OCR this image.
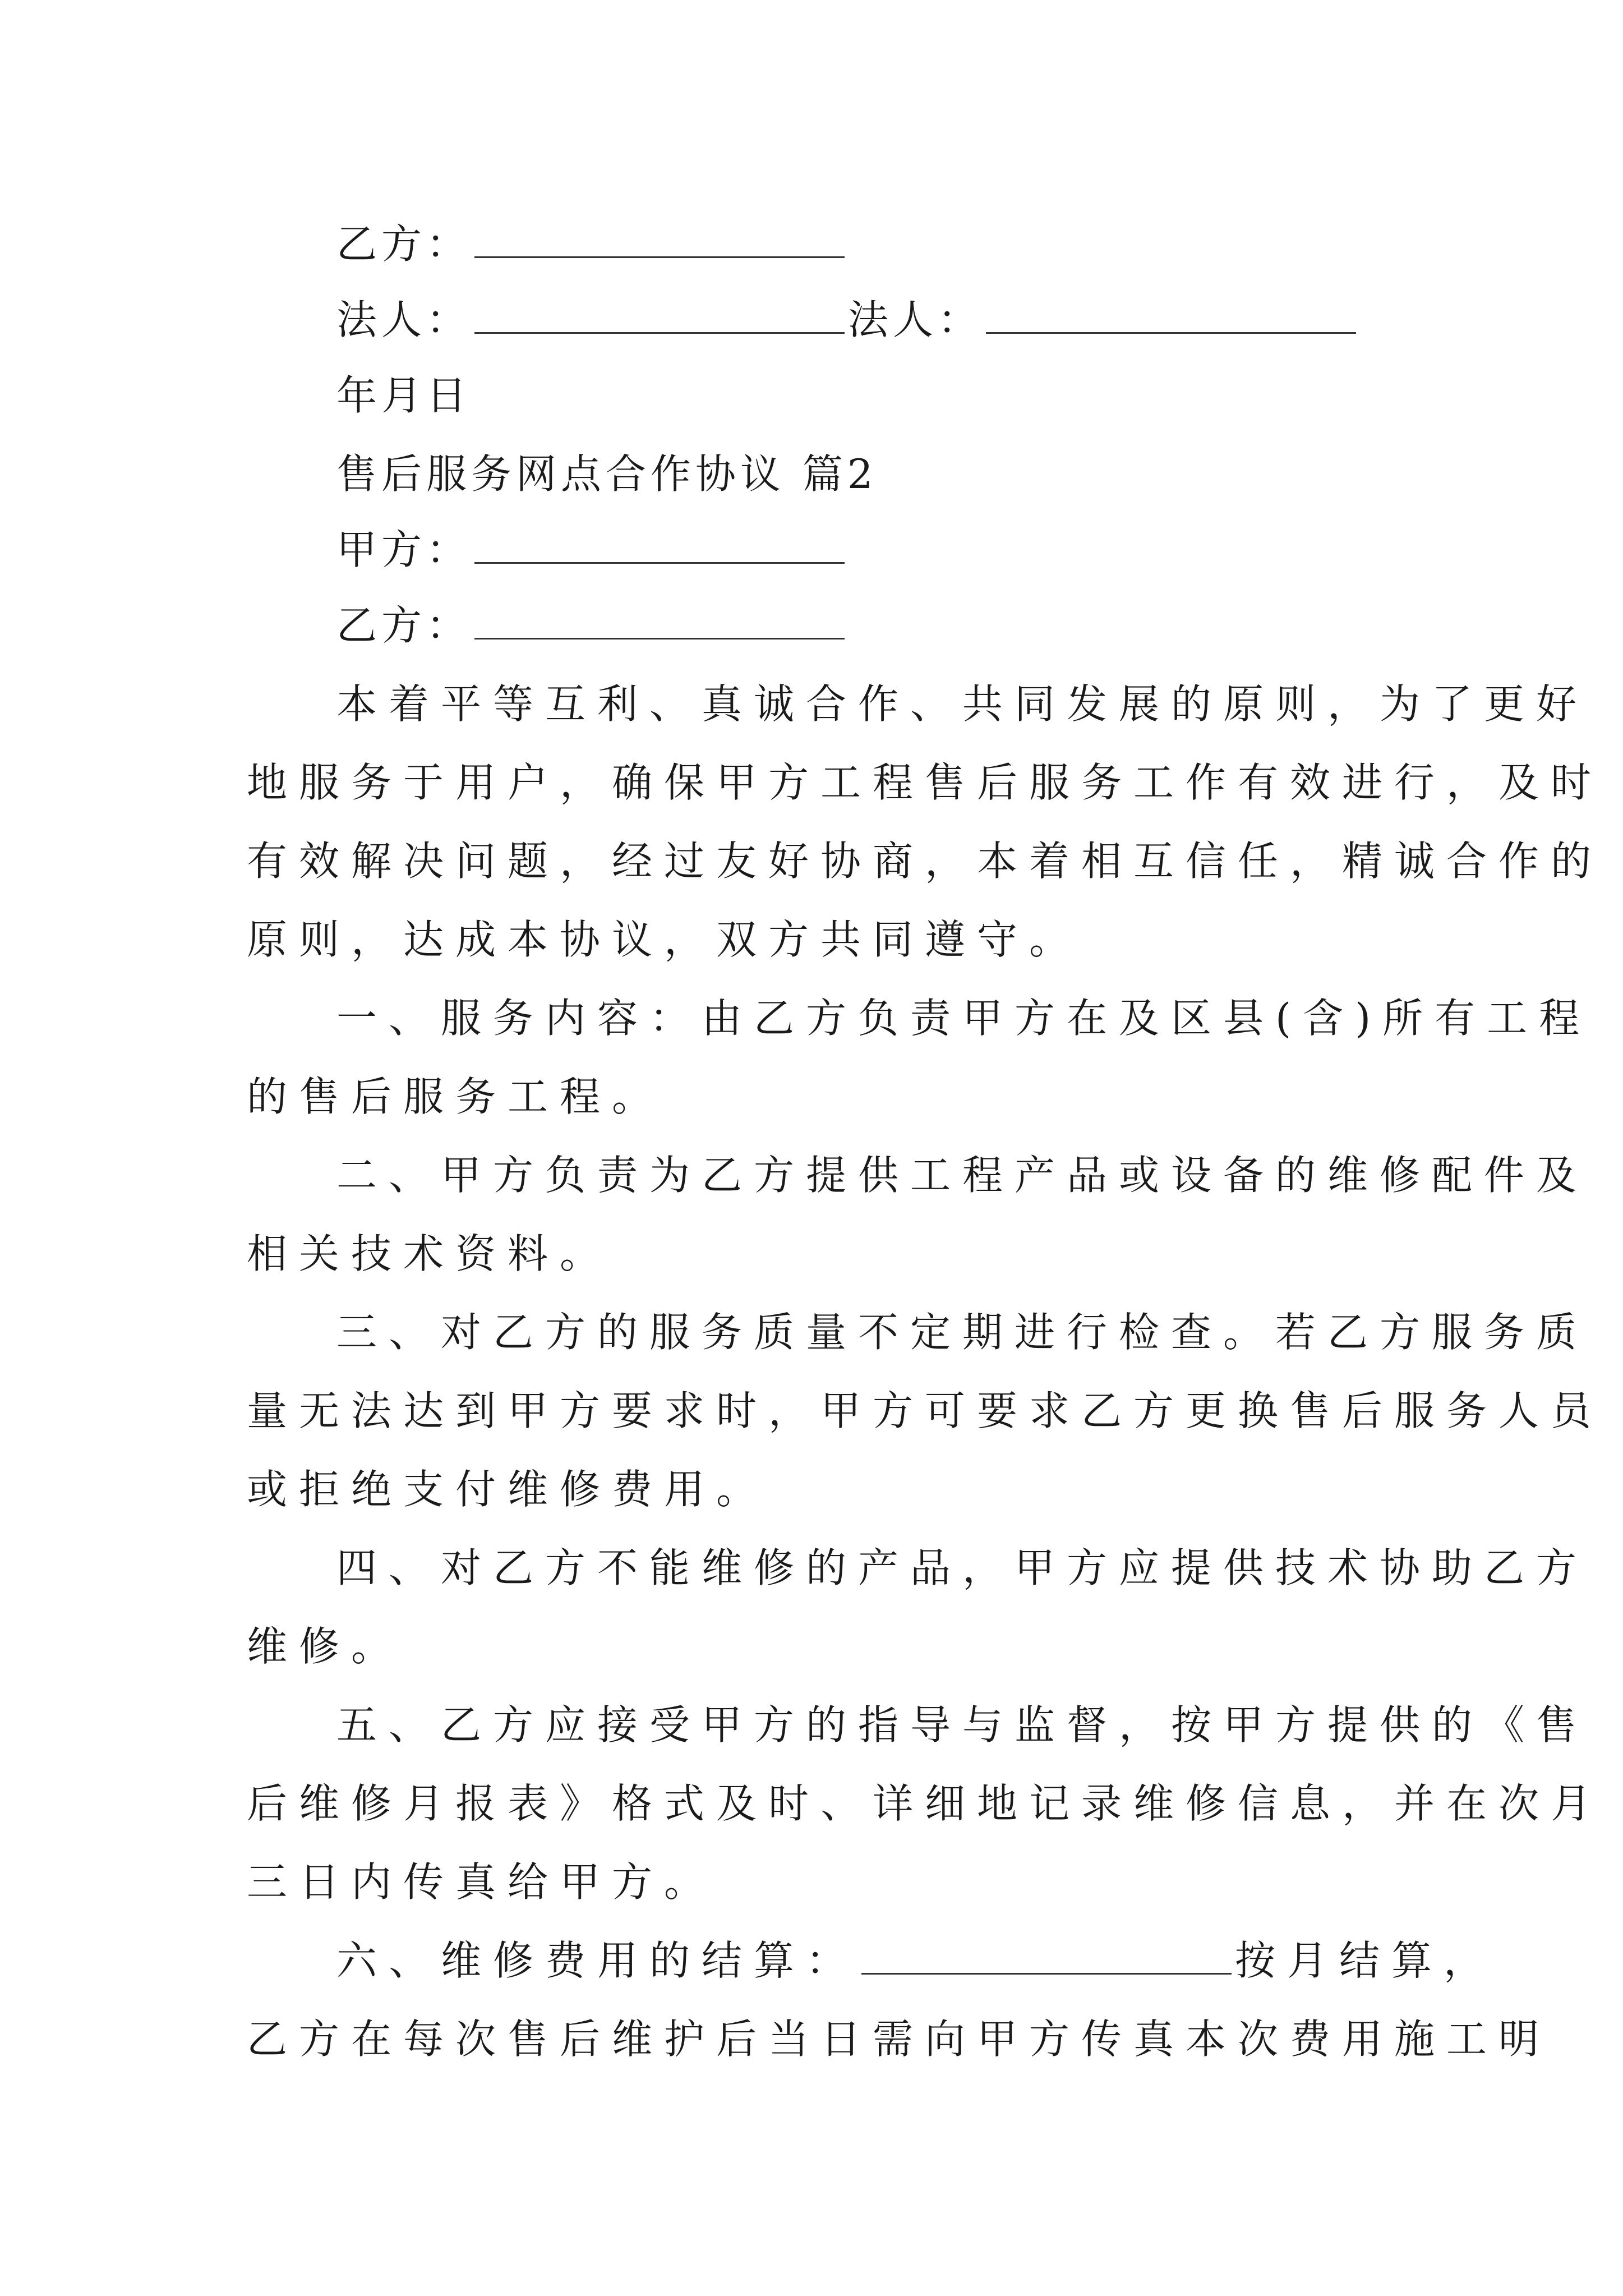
乙方：
法人：	法人：
年月日
售后服务网点合作协议 篇2
甲方：
乙方：
本着平等互利、真诚合作、共同发展的原则，为了更好
地服务于用户，确保甲方工程售后服务工作有效进行，及时
有效解决问题，经过友好协商，本着相互信任，精诚合作的
原则，达成本协议，双方共同遵守。
一、服务内容：由乙方负责甲方在及区县(含)所有工程
的售后服务工程。
二、甲方负责为乙方提供工程产品或设备的维修配件及
相关技术资料。
三、对乙方的服务质量不定期进行检查。若乙方服务质
量无法达到甲方要求时，甲方可要求乙方更换售后服务人员
或拒绝支付维修费用。
四、对乙方不能维修的产品，甲方应提供技术协助乙方
维修。
五、乙方应接受甲方的指导与监督，按甲方提供的《售
后维修月报表》格式及时、详细地记录维修信息，并在次月
三日内传真给甲方。
六、维修费用的结算：	按月结算，
乙方在每次售后维护后当日需向甲方传真本次费用施工明
